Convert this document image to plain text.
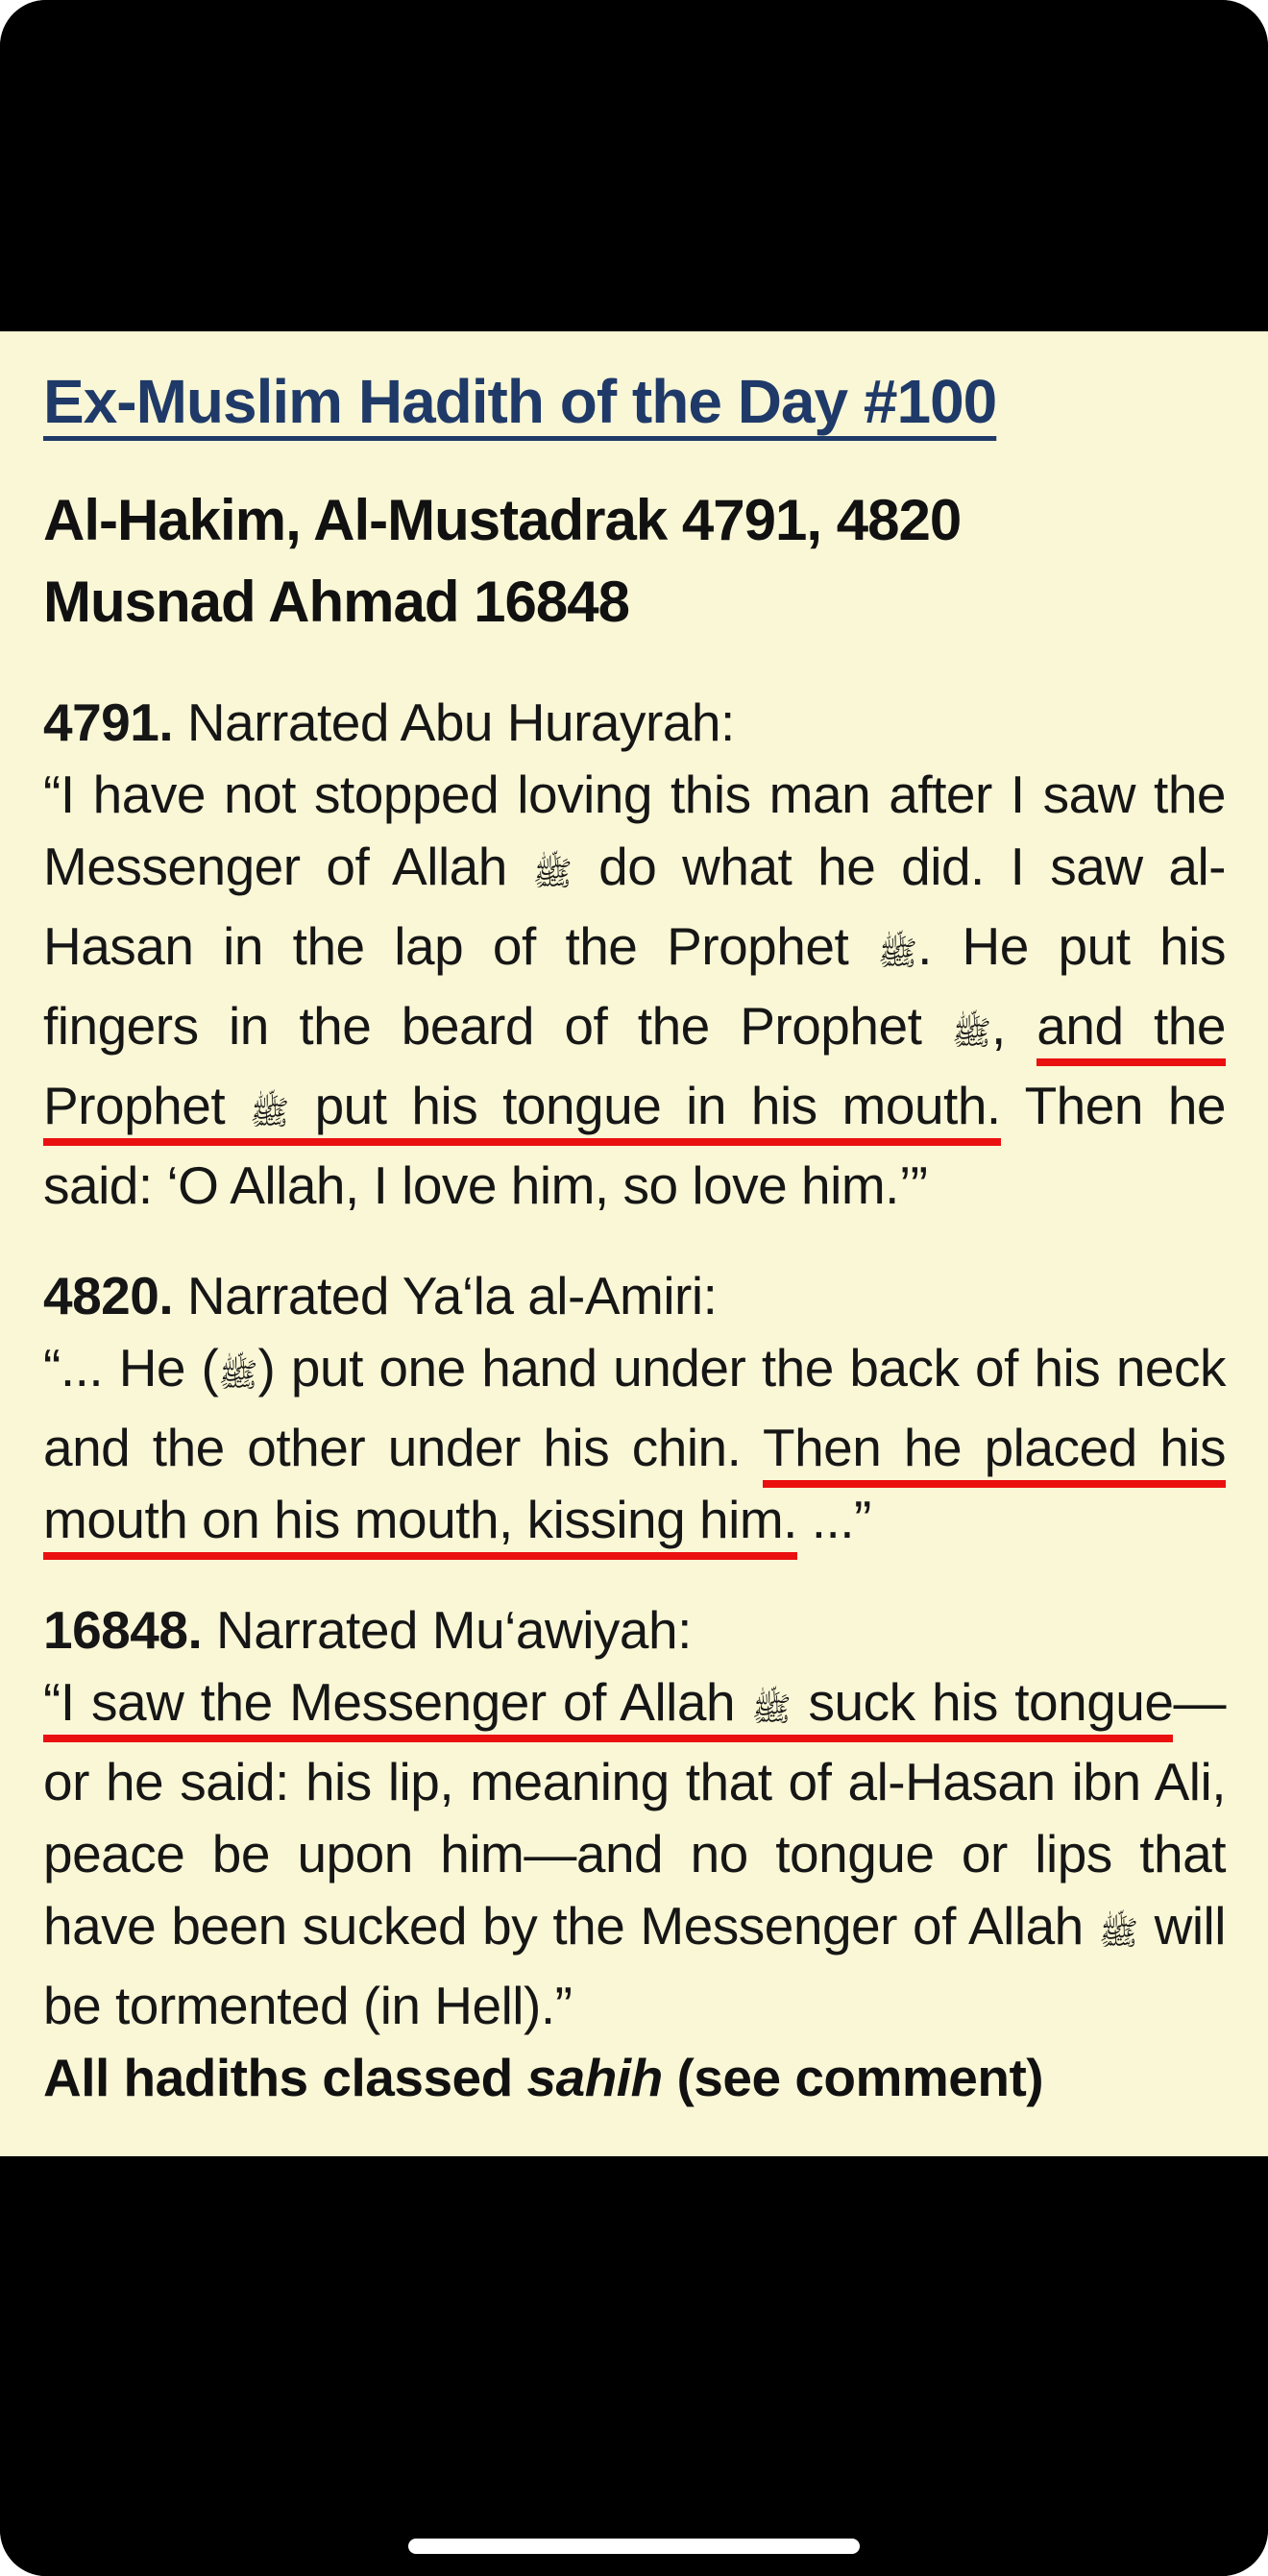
Ex-Muslim Hadith of the Day #100
Al-Hakim, Al-Mustadrak 4791, 4820
Musnad Ahmad 16848
4791. Narrated Abu Hurayrah:

“I have not stopped loving this man after I saw the Messenger of Allah ﷺ do what he did. I saw al-Hasan in the lap of the Prophet ﷺ. He put his fingers in the beard of the Prophet ﷺ, and the Prophet ﷺ put his tongue in his mouth. Then he said: ‘O Allah, I love him, so love him.’”

4820. Narrated Ya‘la al-Amiri:

“... He (ﷺ) put one hand under the back of his neck and the other under his chin. Then he placed his mouth on his mouth, kissing him. ...”

16848. Narrated Mu‘awiyah:

“I saw the Messenger of Allah ﷺ suck his tongue—or he said: his lip, meaning that of al-Hasan ibn Ali, peace be upon him—and no tongue or lips that have been sucked by the Messenger of Allah ﷺ will be tormented (in Hell).”

All hadiths classed sahih (see comment)
